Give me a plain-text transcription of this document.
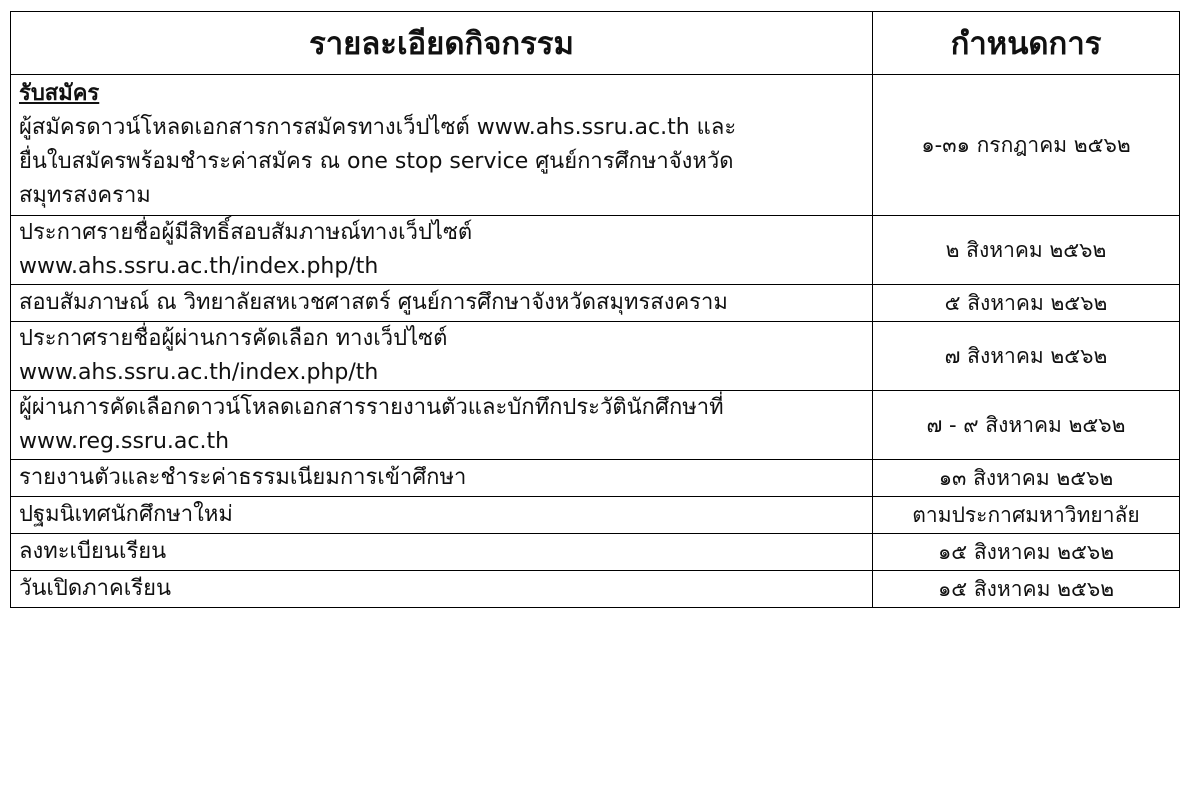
รายละเอียดกิจกรรม	กำหนดการ

รับสมัคร
ผู้สมัครดาวน์โหลดเอกสารการสมัครทางเว็ปไซต์ www.ahs.ssru.ac.th และ
ยื่นใบสมัครพร้อมชำระค่าสมัคร ณ one stop service ศูนย์การศึกษาจังหวัด
สมุทรสงคราม	๑-๓๑ กรกฎาคม ๒๕๖๒

ประกาศรายชื่อผู้มีสิทธิ์สอบสัมภาษณ์ทางเว็ปไซต์
www.ahs.ssru.ac.th/index.php/th	๒ สิงหาคม ๒๕๖๒

สอบสัมภาษณ์ ณ วิทยาลัยสหเวชศาสตร์ ศูนย์การศึกษาจังหวัดสมุทรสงคราม	๕ สิงหาคม ๒๕๖๒

ประกาศรายชื่อผู้ผ่านการคัดเลือก ทางเว็ปไซต์
www.ahs.ssru.ac.th/index.php/th	๗ สิงหาคม ๒๕๖๒

ผู้ผ่านการคัดเลือกดาวน์โหลดเอกสารรายงานตัวและบักทึกประวัตินักศึกษาที่
www.reg.ssru.ac.th	๗ - ๙ สิงหาคม ๒๕๖๒

รายงานตัวและชำระค่าธรรมเนียมการเข้าศึกษา	๑๓ สิงหาคม ๒๕๖๒

ปฐมนิเทศนักศึกษาใหม่	ตามประกาศมหาวิทยาลัย

ลงทะเบียนเรียน	๑๕ สิงหาคม ๒๕๖๒

วันเปิดภาคเรียน	๑๕ สิงหาคม ๒๕๖๒
